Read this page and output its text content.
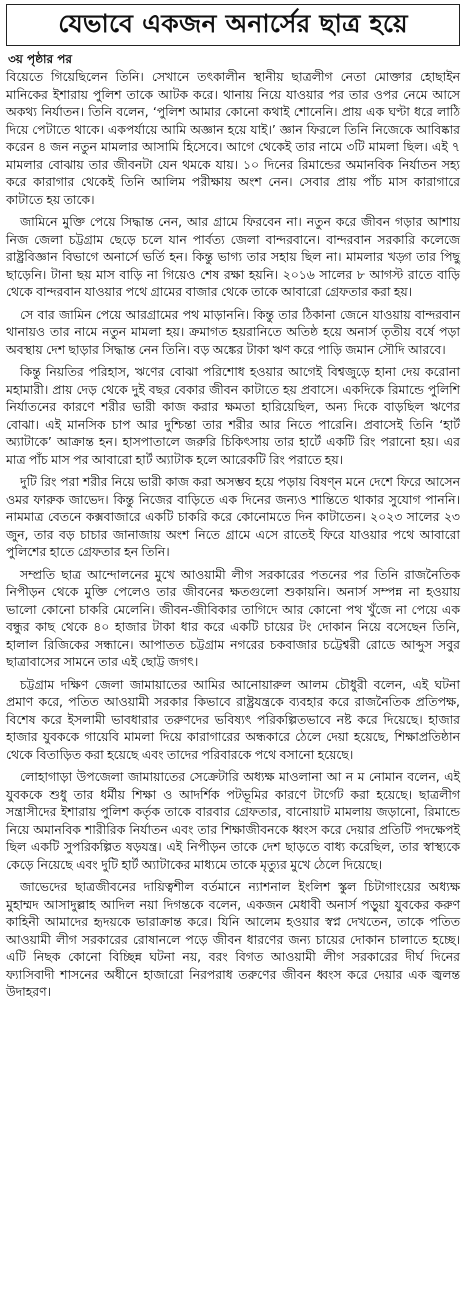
যেভাবে একজন অনার্সের ছাত্র হয়ে
৩য় পৃষ্ঠার পর

বিয়েতে গিয়েছিলেন তিনি। সেখানে তৎকালীন স্থানীয় ছাত্রলীগ নেতা মোক্তার হোছাইন মানিকের ইশারায় পুলিশ তাকে আটক করে। থানায় নিয়ে যাওয়ার পর তার ওপর নেমে আসে অকথ্য নির্যাতন। তিনি বলেন, ‘পুলিশ আমার কোনো কথাই শোনেনি। প্রায় এক ঘণ্টা ধরে লাঠি দিয়ে পেটাতে থাকে। একপর্যায়ে আমি অজ্ঞান হয়ে যাই।’ জ্ঞান ফিরলে তিনি নিজেকে আবিষ্কার করেন ৪ জন নতুন মামলার আসামি হিসেবে। আগে থেকেই তার নামে ৩টি মামলা ছিল। এই ৭ মামলার বোঝায় তার জীবনটা যেন থমকে যায়। ১০ দিনের রিমান্ডের অমানবিক নির্যাতন সহ্য করে কারাগার থেকেই তিনি আলিম পরীক্ষায় অংশ নেন। সেবার প্রায় পাঁচ মাস কারাগারে কাটাতে হয় তাকে।

জামিনে মুক্তি পেয়ে সিদ্ধান্ত নেন, আর গ্রামে ফিরবেন না। নতুন করে জীবন গড়ার আশায় নিজ জেলা চট্টগ্রাম ছেড়ে চলে যান পার্বত্য জেলা বান্দরবানে। বান্দরবান সরকারি কলেজে রাষ্ট্রবিজ্ঞান বিভাগে অনার্সে ভর্তি হন। কিন্তু ভাগ্য তার সহায় ছিল না। মামলার খড়্গ তার পিছু ছাড়েনি। টানা ছয় মাস বাড়ি না গিয়েও শেষ রক্ষা হয়নি। ২০১৬ সালের ৮ আগস্ট রাতে বাড়ি থেকে বান্দরবান যাওয়ার পথে গ্রামের বাজার থেকে তাকে আবারো গ্রেফতার করা হয়।

সে বার জামিন পেয়ে আরগ্রামের পথ মাড়াননি। কিন্তু তার ঠিকানা জেনে যাওয়ায় বান্দরবান থানায়ও তার নামে নতুন মামলা হয়। ক্রমাগত হয়রানিতে অতিষ্ঠ হয়ে অনার্স তৃতীয় বর্ষে পড়া অবস্থায় দেশ ছাড়ার সিদ্ধান্ত নেন তিনি। বড় অঙ্কের টাকা ঋণ করে পাড়ি জমান সৌদি আরবে।

কিন্তু নিয়তির পরিহাস, ঋণের বোঝা পরিশোধ হওয়ার আগেই বিশ্বজুড়ে হানা দেয় করোনা মহামারী। প্রায় দেড় থেকে দুই বছর বেকার জীবন কাটাতে হয় প্রবাসে। একদিকে রিমান্ডে পুলিশি নির্যাতনের কারণে শরীর ভারী কাজ করার ক্ষমতা হারিয়েছিল, অন্য দিকে বাড়ছিল ঋণের বোঝা। এই মানসিক চাপ আর দুশ্চিন্তা তার শরীর আর নিতে পারেনি। প্রবাসেই তিনি ‘হার্ট অ্যাটাকে’ আক্রান্ত হন। হাসপাতালে জরুরি চিকিৎসায় তার হার্টে একটি রিং পরানো হয়। এর মাত্র পাঁচ মাস পর আবারো হার্ট অ্যাটাক হলে আরেকটি রিং পরাতে হয়।

দুটি রিং পরা শরীর নিয়ে ভারী কাজ করা অসম্ভব হয়ে পড়ায় বিষণ্ন মনে দেশে ফিরে আসেন ওমর ফারুক জাভেদ। কিন্তু নিজের বাড়িতে এক দিনের জন্যও শান্তিতে থাকার সুযোগ পাননি। নামমাত্র বেতনে কক্সবাজারে একটি চাকরি করে কোনোমতে দিন কাটাতেন। ২০২৩ সালের ২৩ জুন, তার বড় চাচার জানাজায় অংশ নিতে গ্রামে এসে রাতেই ফিরে যাওয়ার পথে আবারো পুলিশের হাতে গ্রেফতার হন তিনি।

সম্প্রতি ছাত্র আন্দোলনের মুখে আওয়ামী লীগ সরকারের পতনের পর তিনি রাজনৈতিক নিপীড়ন থেকে মুক্তি পেলেও তার জীবনের ক্ষতগুলো শুকায়নি। অনার্স সম্পন্ন না হওয়ায় ভালো কোনো চাকরি মেলেনি। জীবন-জীবিকার তাগিদে আর কোনো পথ খুঁজে না পেয়ে এক বন্ধুর কাছ থেকে ৪০ হাজার টাকা ধার করে একটি চায়ের টং দোকান নিয়ে বসেছেন তিনি, হালাল রিজিকের সন্ধানে। আপাতত চট্টগ্রাম নগরের চকবাজার চট্টেশ্বরী রোডে আব্দুস সবুর ছাত্রাবাসের সামনে তার এই ছোট্ট জগৎ।

চট্টগ্রাম দক্ষিণ জেলা জামায়াতের আমির আনোয়ারুল আলম চৌধুরী বলেন, এই ঘটনা প্রমাণ করে, পতিত আওয়ামী সরকার কিভাবে রাষ্ট্রযন্ত্রকে ব্যবহার করে রাজনৈতিক প্রতিপক্ষ, বিশেষ করে ইসলামী ভাবধারার তরুণদের ভবিষ্যৎ পরিকল্পিতভাবে নষ্ট করে দিয়েছে। হাজার হাজার যুবককে গায়েবি মামলা দিয়ে কারাগারের অন্ধকারে ঠেলে দেয়া হয়েছে, শিক্ষাপ্রতিষ্ঠান থেকে বিতাড়িত করা হয়েছে এবং তাদের পরিবারকে পথে বসানো হয়েছে।

লোহাগাড়া উপজেলা জামায়াতের সেক্রেটারি অধ্যক্ষ মাওলানা আ ন ম নোমান বলেন, এই যুবককে শুধু তার ধর্মীয় শিক্ষা ও আদর্শিক পটভূমির কারণে টার্গেট করা হয়েছে। ছাত্রলীগ সন্ত্রাসীদের ইশারায় পুলিশ কর্তৃক তাকে বারবার গ্রেফতার, বানোয়াট মামলায় জড়ানো, রিমান্ডে নিয়ে অমানবিক শারীরিক নির্যাতন এবং তার শিক্ষাজীবনকে ধ্বংস করে দেয়ার প্রতিটি পদক্ষেপই ছিল একটি সুপরিকল্পিত ষড়যন্ত্র। এই নিপীড়ন তাকে দেশ ছাড়তে বাধ্য করেছিল, তার স্বাস্থ্যকে কেড়ে নিয়েছে এবং দুটি হার্ট অ্যাটাকের মাধ্যমে তাকে মৃত্যুর মুখে ঠেলে দিয়েছে।

জাভেদের ছাত্রজীবনের দায়িত্বশীল বর্তমানে ন্যাশনাল ইংলিশ স্কুল চিটাগাংয়ের অধ্যক্ষ মুহাম্মদ আসাদুল্লাহ আদিল নয়া দিগন্তকে বলেন, একজন মেধাবী অনার্স পড়ুয়া যুবকের করুণ কাহিনী আমাদের হৃদয়কে ভারাক্রান্ত করে। যিনি আলেম হওয়ার স্বপ্ন দেখতেন, তাকে পতিত আওয়ামী লীগ সরকারের রোষানলে পড়ে জীবন ধারণের জন্য চায়ের দোকান চালাতে হচ্ছে। এটি নিছক কোনো বিচ্ছিন্ন ঘটনা নয়, বরং বিগত আওয়ামী লীগ সরকারের দীর্ঘ দিনের ফ্যাসিবাদী শাসনের অধীনে হাজারো নিরপরাধ তরুণের জীবন ধ্বংস করে দেয়ার এক জ্বলন্ত উদাহরণ।
